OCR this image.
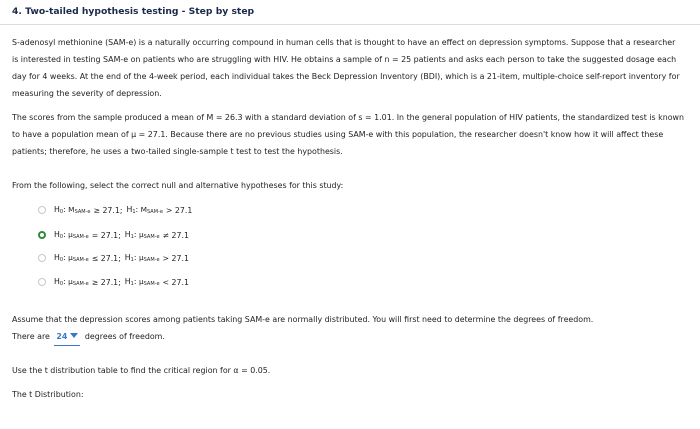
4. Two-tailed hypothesis testing - Step by step

S-adenosyl methionine (SAM-e) is a naturally occurring compound in human cells that is thought to have an effect on depression symptoms. Suppose that a researcher is interested in testing SAM-e on patients who are struggling with HIV. He obtains a sample of n = 25 patients and asks each person to take the suggested dosage each day for 4 weeks. At the end of the 4-week period, each individual takes the Beck Depression Inventory (BDI), which is a 21-item, multiple-choice self-report inventory for measuring the severity of depression.

The scores from the sample produced a mean of M = 26.3 with a standard deviation of s = 1.01. In the general population of HIV patients, the standardized test is known to have a population mean of μ = 27.1. Because there are no previous studies using SAM-e with this population, the researcher doesn't know how it will affect these patients; therefore, he uses a two-tailed single-sample t test to test the hypothesis.

From the following, select the correct null and alternative hypotheses for this study:

$H_0$: $M_{SAM-e} \ge 27.1$; $H_1$: $M_{SAM-e} > 27.1$
$H_0$: $\mu_{SAM-e} = 27.1$; $H_1$: $\mu_{SAM-e} \ne 27.1$
$H_0$: $\mu_{SAM-e} \le 27.1$; $H_1$: $\mu_{SAM-e} > 27.1$
$H_0$: $\mu_{SAM-e} \ge 27.1$; $H_1$: $\mu_{SAM-e} < 27.1$

Assume that the depression scores among patients taking SAM-e are normally distributed. You will first need to determine the degrees of freedom.
There are 24 degrees of freedom.

Use the t distribution table to find the critical region for α = 0.05.

The t Distribution:
